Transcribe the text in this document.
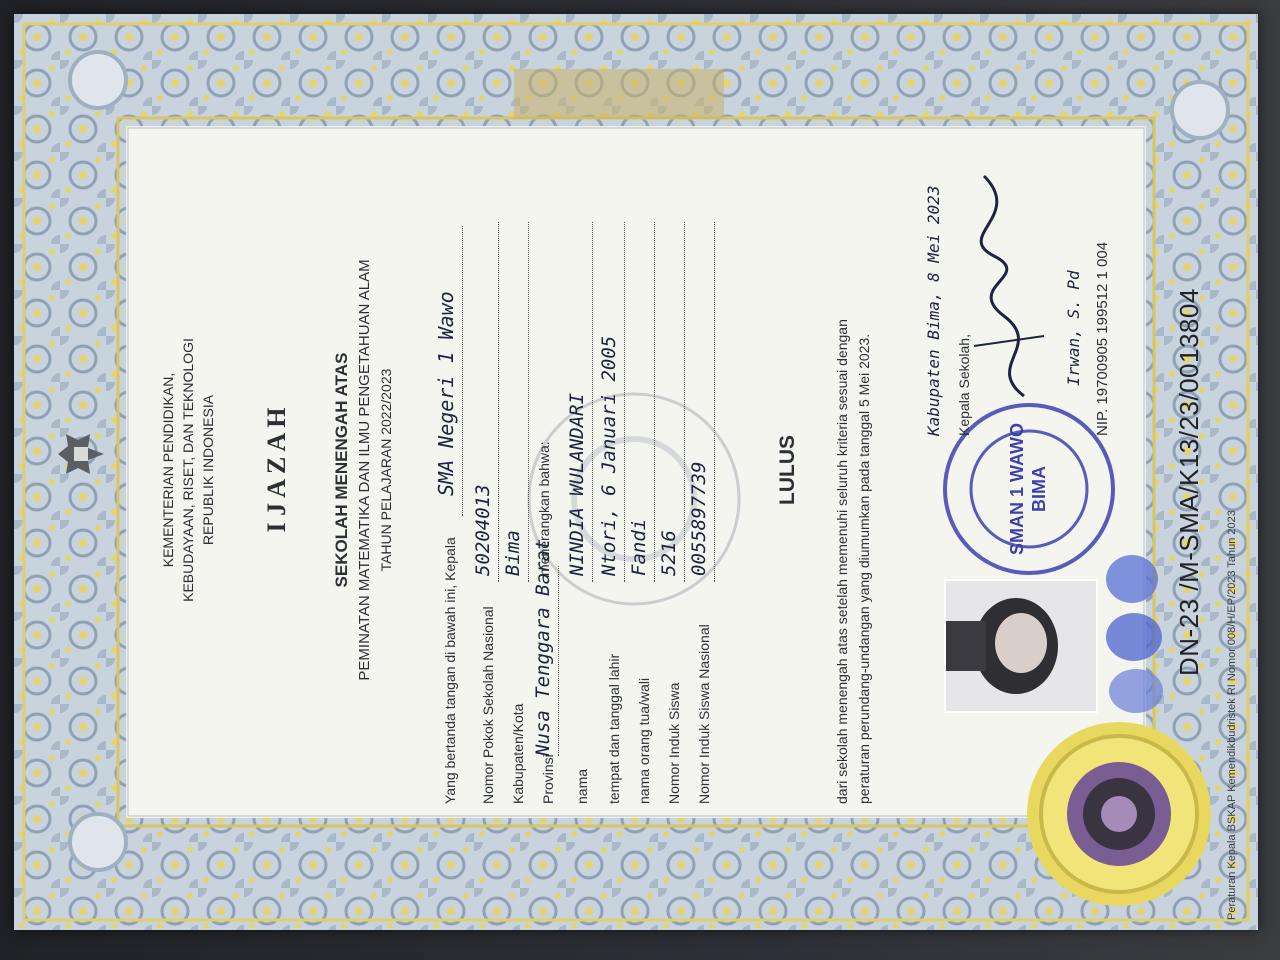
SMAN 1 WAWO BIMA
KEMENTERIAN PENDIDIKAN, KEBUDAYAAN, RISET, DAN TEKNOLOGI REPUBLIK INDONESIA I J A Z A H SEKOLAH MENENGAH ATAS PEMINATAN MATEMATIKA DAN ILMU PENGETAHUAN ALAM TAHUN PELAJARAN 2022/2023
Yang bertanda tangan di bawah ini, Kepala
SMA Negeri 1 Wawo
Nomor Pokok Sekolah Nasional
50204013
Kabupaten/Kota
Bima
Provinsi
Nusa Tenggara Barat
nama
NINDIA WULANDARI
tempat dan tanggal lahir
Ntori, 6 Januari 2005
nama orang tua/wali
Fandi
Nomor Induk Siswa
5216
Nomor Induk Siswa Nasional
0055897739
menerangkan bahwa:	LULUS	dari sekolah menengah atas setelah memenuhi seluruh kriteria sesuai dengan peraturan perundang-undangan yang diumumkan pada tanggal 5 Mei 2023.
Kabupaten Bima, 8 Mei 2023 Kepala Sekolah,	Irwan, S. Pd NIP. 19700905 199512 1 004 DN-23 /M-SMA/K13/23/0013804
Peraturan Kepala BSKAP Kemendikbudristek RI Nomor 008/H/EP/2023 Tahun 2023
